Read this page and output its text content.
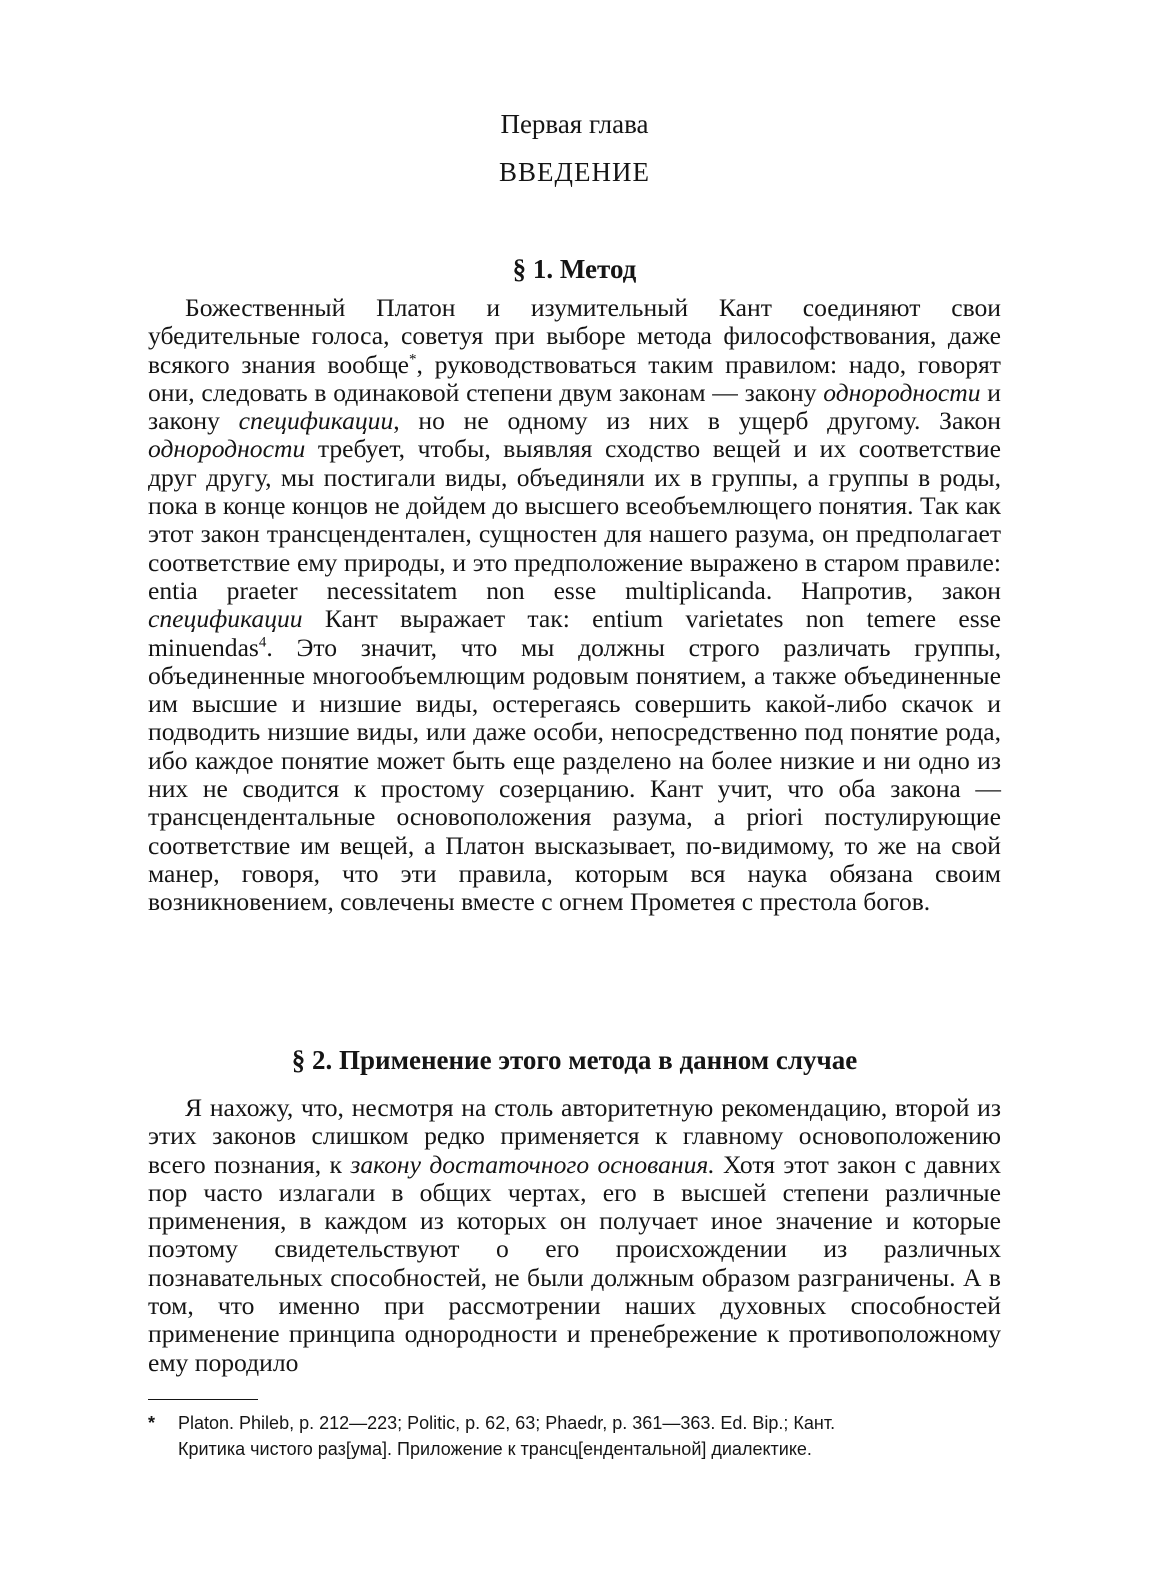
Первая глава
ВВЕДЕНИЕ
§ 1. Метод

Божественный Платон и изумительный Кант соединяют свои убедительные голоса, советуя при выборе метода философствования, даже всякого знания вообще*, руководствоваться таким правилом: надо, говорят они, следовать в одинаковой степени двум законам — закону однородности и закону спецификации, но не одному из них в ущерб другому. Закон однородности требует, чтобы, выявляя сходство вещей и их соответствие друг другу, мы постигали виды, объединяли их в группы, а группы в роды, пока в конце концов не дойдем до высшего всеобъемлющего понятия. Так как этот закон трансценденталeн, сущностен для нашего разума, он предполагает соответствие ему природы, и это предположение выражено в старом правиле: entia praeter necessitatem non esse multiplicanda. Напротив, закон спецификации Кант выражает так: entium varietates non temere esse minuendas$^4$. Это значит, что мы должны строго различать группы, объединенные многообъемлющим родовым понятием, а также объединенные им высшие и низшие виды, остерегаясь совершить какой-либо скачок и подводить низшие виды, или даже особи, непосредственно под понятие рода, ибо каждое понятие может быть еще разделено на более низкие и ни одно из них не сводится к простому созерцанию. Кант учит, что оба закона — трансцендентальные основоположения разума, a priori постулирующие соответствие им вещей, а Платон высказывает, по-видимому, то же на свой манер, говоря, что эти правила, которым вся наука обязана своим возникновением, совлечены вместе с огнем Прометея с престола богов.

§ 2. Применение этого метода в данном случае

Я нахожу, что, несмотря на столь авторитетную рекомендацию, второй из этих законов слишком редко применяется к главному основоположению всего познания, к закону достаточного основания. Хотя этот закон с давних пор часто излагали в общих чертах, его в высшей степени различные применения, в каждом из которых он получает иное значение и которые поэтому свидетельствуют о его происхождении из различных познавательных способностей, не были должным образом разграничены. А в том, что именно при рассмотрении наших духовных способностей применение принципа однородности и пренебрежение к противоположному ему породило

* Platon. Phileb, p. 212—223; Politic, p. 62, 63; Phaedr, p. 361—363. Ed. Bip.; Кант.
Критика чистого раз[ума]. Приложение к трансц[ендентальной] диалектике.
